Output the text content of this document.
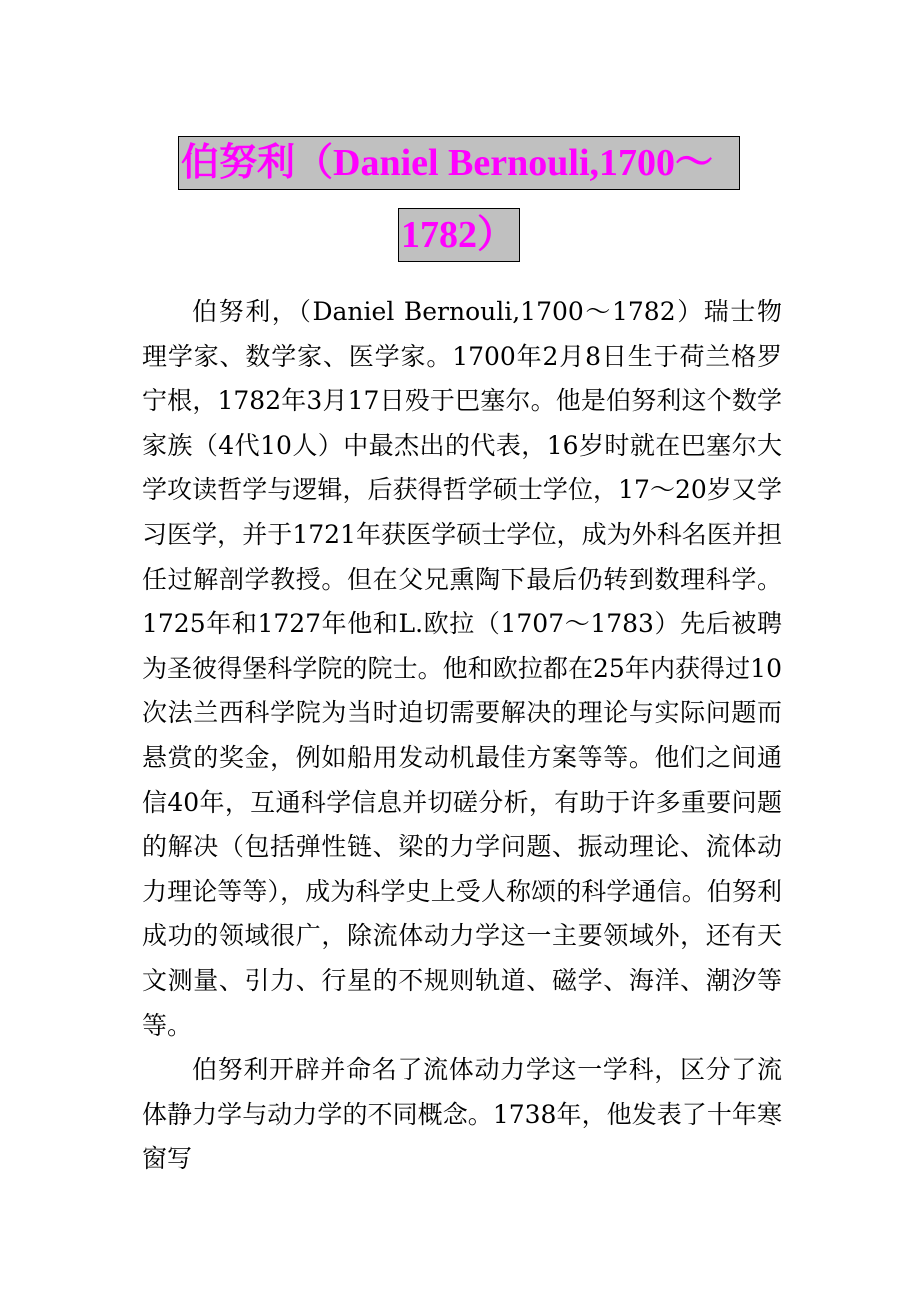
伯努利（Daniel Bernouli,1700～
1782）

伯努利，（Daniel Bernouli,1700～1782）瑞士物理学家、数学家、医学家。1700年2月8日生于荷兰格罗宁根，1782年3月17日殁于巴塞尔。他是伯努利这个数学家族（4代10人）中最杰出的代表，16岁时就在巴塞尔大学攻读哲学与逻辑，后获得哲学硕士学位，17～20岁又学习医学，并于1721年获医学硕士学位，成为外科名医并担任过解剖学教授。但在父兄熏陶下最后仍转到数理科学。1725年和1727年他和L.欧拉（1707～1783）先后被聘为圣彼得堡科学院的院士。他和欧拉都在25年内获得过10次法兰西科学院为当时迫切需要解决的理论与实际问题而悬赏的奖金，例如船用发动机最佳方案等等。他们之间通信40年，互通科学信息并切磋分析，有助于许多重要问题的解决（包括弹性链、梁的力学问题、振动理论、流体动力理论等等），成为科学史上受人称颂的科学通信。伯努利成功的领域很广，除流体动力学这一主要领域外，还有天文测量、引力、行星的不规则轨道、磁学、海洋、潮汐等等。

伯努利开辟并命名了流体动力学这一学科，区分了流体静力学与动力学的不同概念。1738年，他发表了十年寒窗写
